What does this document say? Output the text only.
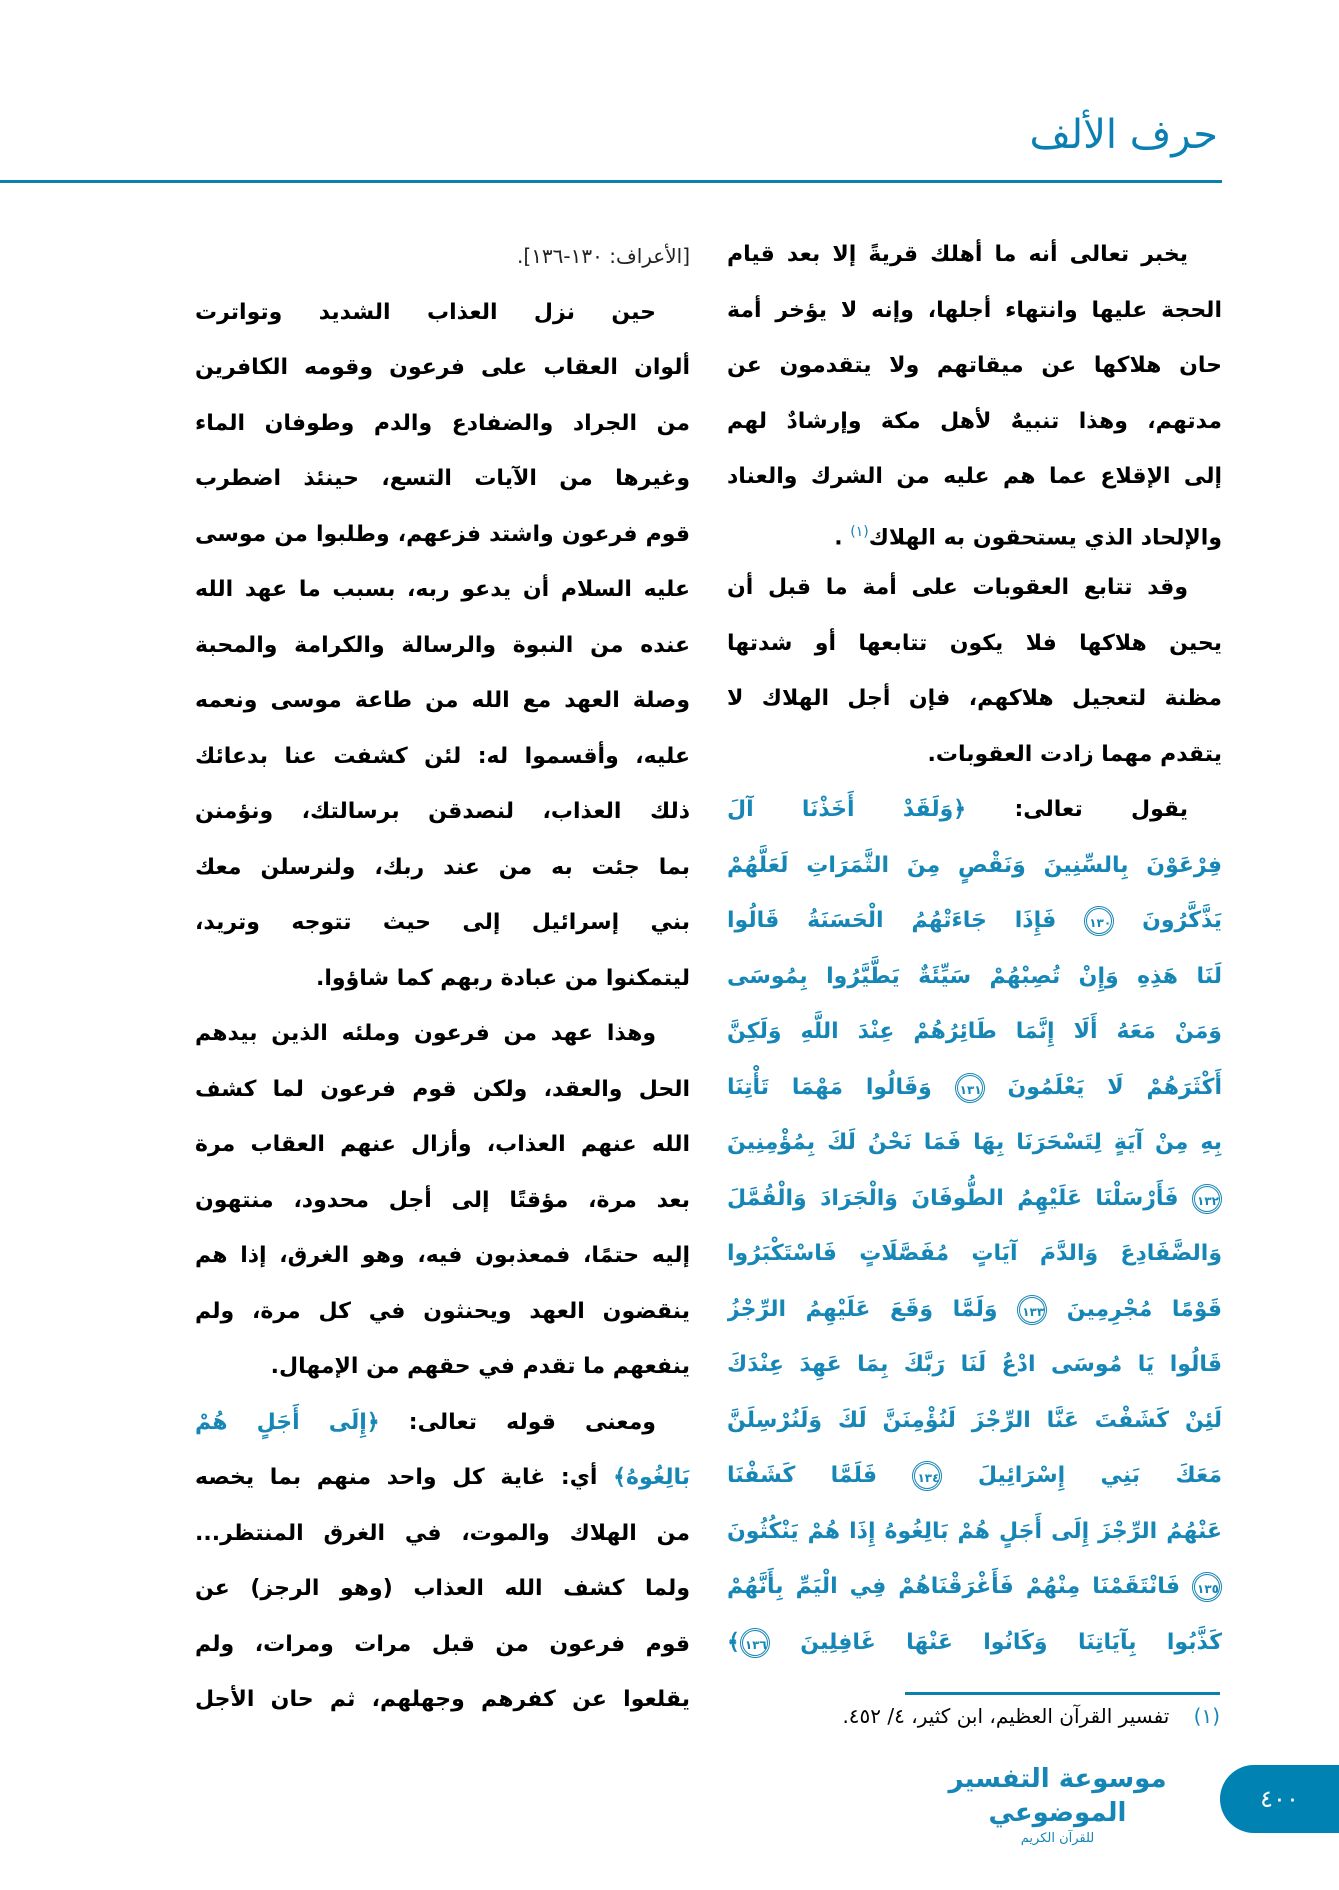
حرف الألف
يخبر تعالى أنه ما أهلك قريةً إلا بعد قيام
الحجة عليها وانتهاء أجلها، وإنه لا يؤخر أمة
حان هلاكها عن ميقاتهم ولا يتقدمون عن
مدتهم، وهذا تنبيهٌ لأهل مكة وإرشادٌ لهم
إلى الإقلاع عما هم عليه من الشرك والعناد
والإلحاد الذي يستحقون به الهلاك$^{(١)}$ .
وقد تتابع العقوبات على أمة ما قبل أن
يحين هلاكها فلا يكون تتابعها أو شدتها
مظنة لتعجيل هلاكهم، فإن أجل الهلاك لا
يتقدم مهما زادت العقوبات.
يقول تعالى: ﴿وَلَقَدْ أَخَذْنَا آلَ
فِرْعَوْنَ بِالسِّنِينَ وَنَقْصٍ مِنَ الثَّمَرَاتِ لَعَلَّهُمْ
يَذَّكَّرُونَ ١٣٠ فَإِذَا جَاءَتْهُمُ الْحَسَنَةُ قَالُوا
لَنَا هَذِهِ وَإِنْ تُصِبْهُمْ سَيِّئَةٌ يَطَّيَّرُوا بِمُوسَى
وَمَنْ مَعَهُ أَلَا إِنَّمَا طَائِرُهُمْ عِنْدَ اللَّهِ وَلَكِنَّ
أَكْثَرَهُمْ لَا يَعْلَمُونَ ١٣١ وَقَالُوا مَهْمَا تَأْتِنَا
بِهِ مِنْ آيَةٍ لِتَسْحَرَنَا بِهَا فَمَا نَحْنُ لَكَ بِمُؤْمِنِينَ
١٣٢ فَأَرْسَلْنَا عَلَيْهِمُ الطُّوفَانَ وَالْجَرَادَ وَالْقُمَّلَ
وَالضَّفَادِعَ وَالدَّمَ آيَاتٍ مُفَصَّلَاتٍ فَاسْتَكْبَرُوا
قَوْمًا مُجْرِمِينَ ١٣٣ وَلَمَّا وَقَعَ عَلَيْهِمُ الرِّجْزُ
قَالُوا يَا مُوسَى ادْعُ لَنَا رَبَّكَ بِمَا عَهِدَ عِنْدَكَ
لَئِنْ كَشَفْتَ عَنَّا الرِّجْزَ لَنُؤْمِنَنَّ لَكَ وَلَنُرْسِلَنَّ
مَعَكَ بَنِي إِسْرَائِيلَ ١٣٤ فَلَمَّا كَشَفْنَا
عَنْهُمُ الرِّجْزَ إِلَى أَجَلٍ هُمْ بَالِغُوهُ إِذَا هُمْ يَنْكُثُونَ
١٣٥ فَانْتَقَمْنَا مِنْهُمْ فَأَغْرَقْنَاهُمْ فِي الْيَمِّ بِأَنَّهُمْ
كَذَّبُوا بِآيَاتِنَا وَكَانُوا عَنْهَا غَافِلِينَ ١٣٦﴾
[الأعراف: ١٣٠-١٣٦].
حين نزل العذاب الشديد وتواترت
ألوان العقاب على فرعون وقومه الكافرين
من الجراد والضفادع والدم وطوفان الماء
وغيرها من الآيات التسع، حينئذ اضطرب
قوم فرعون واشتد فزعهم، وطلبوا من موسى
عليه السلام أن يدعو ربه، بسبب ما عهد الله
عنده من النبوة والرسالة والكرامة والمحبة
وصلة العهد مع الله من طاعة موسى ونعمه
عليه، وأقسموا له: لئن كشفت عنا بدعائك
ذلك العذاب، لنصدقن برسالتك، ونؤمنن
بما جئت به من عند ربك، ولنرسلن معك
بني إسرائيل إلى حيث تتوجه وتريد،
ليتمكنوا من عبادة ربهم كما شاؤوا.
وهذا عهد من فرعون وملئه الذين بيدهم
الحل والعقد، ولكن قوم فرعون لما كشف
الله عنهم العذاب، وأزال عنهم العقاب مرة
بعد مرة، مؤقتًا إلى أجل محدود، منتهون
إليه حتمًا، فمعذبون فيه، وهو الغرق، إذا هم
ينقضون العهد ويحنثون في كل مرة، ولم
ينفعهم ما تقدم في حقهم من الإمهال.
ومعنى قوله تعالى: ﴿إِلَى أَجَلٍ هُمْ
بَالِغُوهُ﴾ أي: غاية كل واحد منهم بما يخصه
من الهلاك والموت، في الغرق المنتظر...
ولما كشف الله العذاب (وهو الرجز) عن
قوم فرعون من قبل مرات ومرات، ولم
يقلعوا عن كفرهم وجهلهم، ثم حان الأجل
(١) تفسير القرآن العظيم، ابن كثير، ٤/ ٤٥٢.
موسوعة التفسير الموضوعي
للقرآن الكريم
٤٠٠
